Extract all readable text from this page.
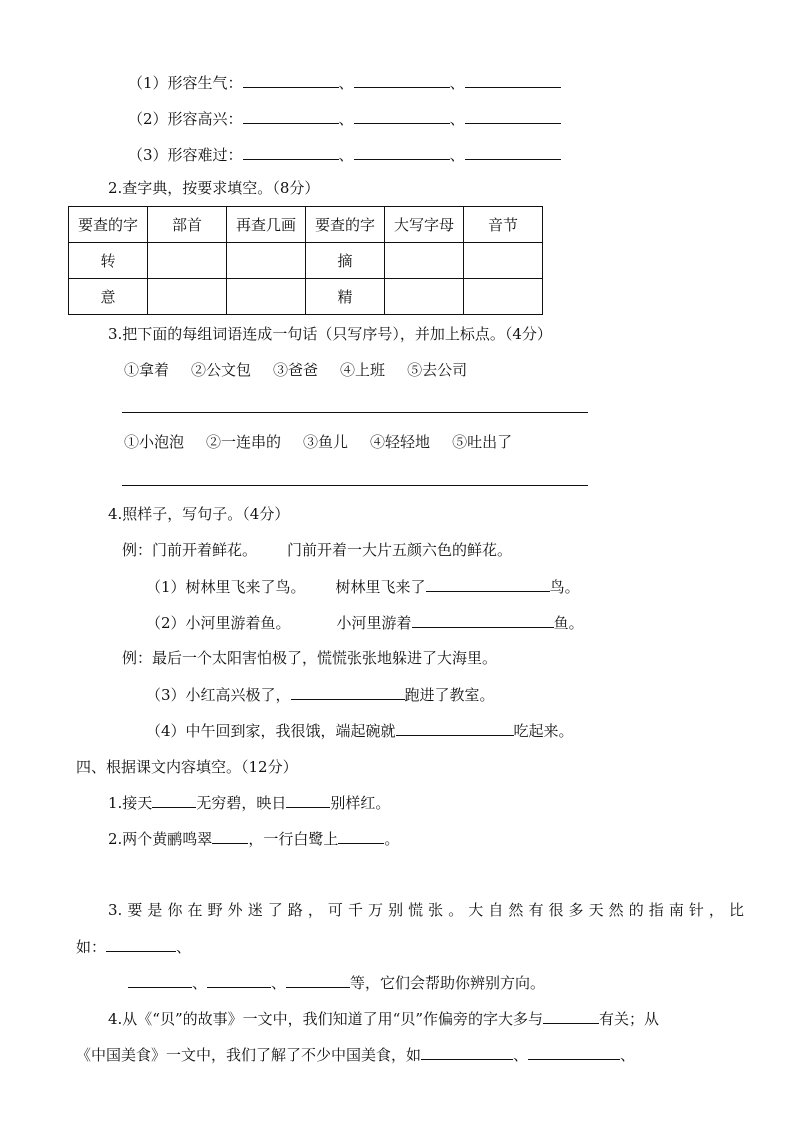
（1）形容生气：	、	、
（2）形容高兴：	、	、
（3）形容难过：	、	、
2.查字典，按要求填空。（8分）
要查的字	部首	再查几画	要查的字	大写字母	音节
转			摘		
意			精		
3.把下面的每组词语连成一句话（只写序号），并加上标点。（4分）
①拿着 ②公文包 ③爸爸 ④上班 ⑤去公司
①小泡泡 ②一连串的 ③鱼儿 ④轻轻地 ⑤吐出了
4.照样子，写句子。（4分）
例：门前开着鲜花。 门前开着一大片五颜六色的鲜花。
（1）树林里飞来了鸟。 树林里飞来了	鸟。
（2）小河里游着鱼。	小河里游着	鱼。
例：最后一个太阳害怕极了，慌慌张张地躲进了大海里。
（3）小红高兴极了，	跑进了教室。
（4）中午回到家，我很饿，端起碗就	吃起来。
四、根据课文内容填空。（12分）
1.接天	无穷碧，映日	别样红。
2.两个黄鹂鸣翠 ，一行白鹭上	。
3.要是你在野外迷了路，可千万别慌张。大自然有很多天然的指南针，比
如：	、
、	、	等，它们会帮助你辨别方向。
4.从《“贝”的故事》一文中，我们知道了用“贝”作偏旁的字大多与	有关；从
《中国美食》一文中，我们了解了不少中国美食，如	、	、
